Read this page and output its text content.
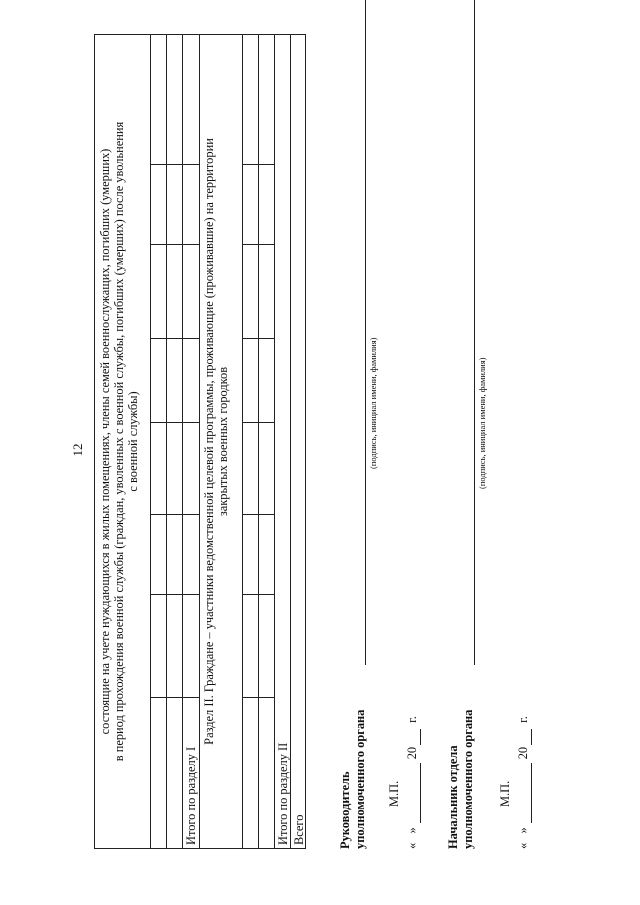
12 состоящие на учете нуждающихся в жилых помещениях, члены семей военнослужащих, погибших (умерших) в период прохождения военной службы (граждан, уволенных с военной службы, погибших (умерших) после увольнения с военной службы)
Итого по разделу I
Раздел II. Граждане – участники ведомственной целевой программы, проживающие (проживавшие) на территории закрытых военных городков
Итого по разделу II Всего	Руководитель уполномоченного органа
(подпись, инициал имени, фамилия)
М.П.
«   » 20 г.
Начальник отдела уполномоченного органа
(подпись, инициал имени, фамилия)
М.П.
«   » 20 г.
